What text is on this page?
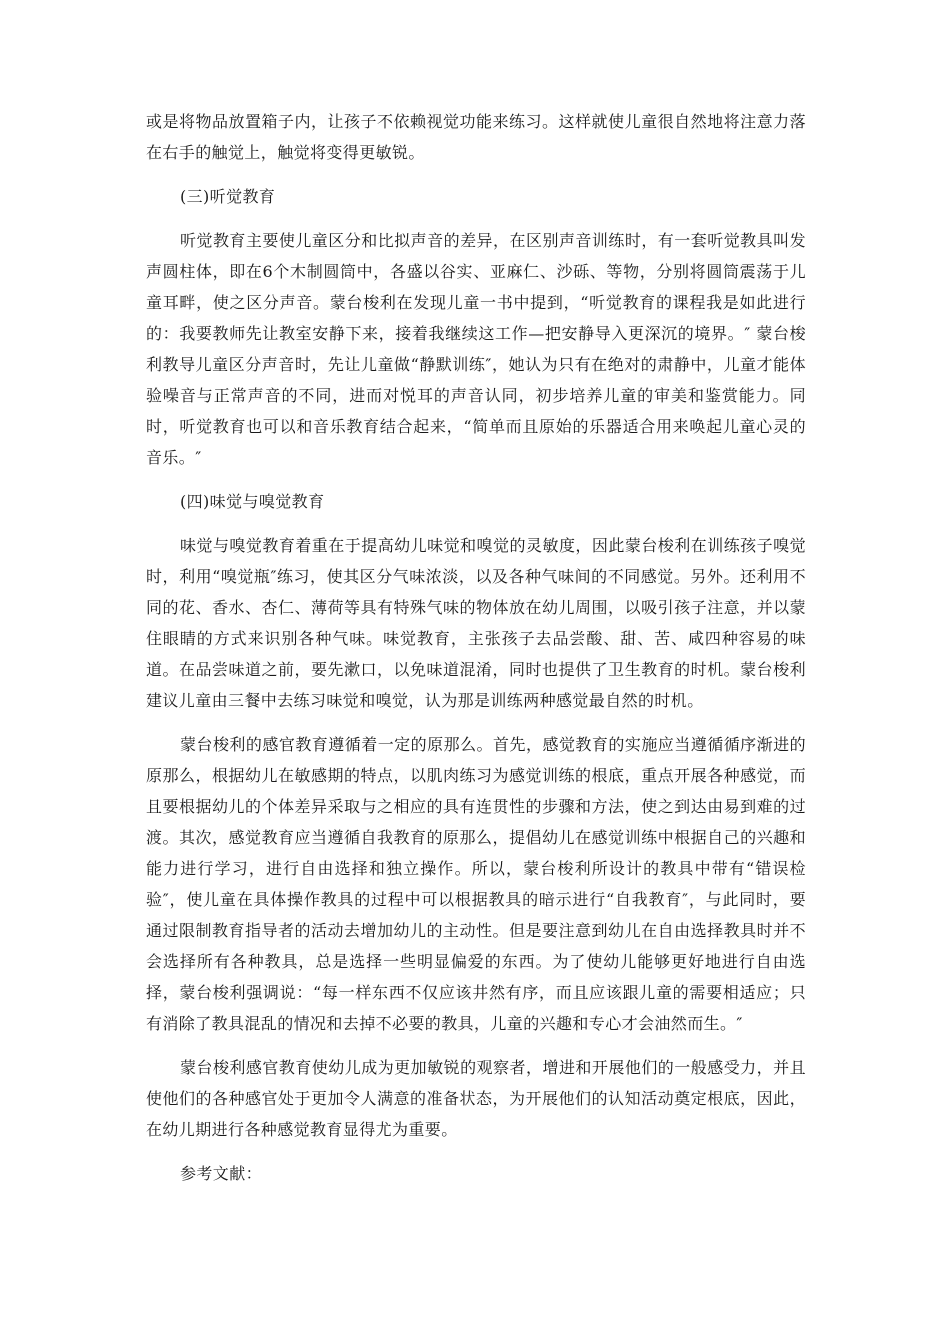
或是将物品放置箱子内，让孩子不依赖视觉功能来练习。这样就使儿童很自然地将注意力落在右手的触觉上，触觉将变得更敏锐。

(三)听觉教育

听觉教育主要使儿童区分和比拟声音的差异，在区别声音训练时，有一套听觉教具叫发声圆柱体，即在6个木制圆筒中，各盛以谷实、亚麻仁、沙砾、等物，分别将圆筒震荡于儿童耳畔，使之区分声音。蒙台梭利在发现儿童一书中提到，“听觉教育的课程我是如此进行的：我要教师先让教室安静下来，接着我继续这工作—把安静导入更深沉的境界。″ 蒙台梭利教导儿童区分声音时，先让儿童做“静默训练″，她认为只有在绝对的肃静中，儿童才能体验噪音与正常声音的不同，进而对悦耳的声音认同，初步培养儿童的审美和鉴赏能力。同时，听觉教育也可以和音乐教育结合起来，“简单而且原始的乐器适合用来唤起儿童心灵的音乐。″

(四)味觉与嗅觉教育

味觉与嗅觉教育着重在于提高幼儿味觉和嗅觉的灵敏度，因此蒙台梭利在训练孩子嗅觉时，利用“嗅觉瓶″练习，使其区分气味浓淡，以及各种气味间的不同感觉。另外。还利用不同的花、香水、杏仁、薄荷等具有特殊气味的物体放在幼儿周围，以吸引孩子注意，并以蒙住眼睛的方式来识别各种气味。味觉教育，主张孩子去品尝酸、甜、苦、咸四种容易的味道。在品尝味道之前，要先漱口，以免味道混淆，同时也提供了卫生教育的时机。蒙台梭利建议儿童由三餐中去练习味觉和嗅觉，认为那是训练两种感觉最自然的时机。

蒙台梭利的感官教育遵循着一定的原那么。首先，感觉教育的实施应当遵循循序渐进的原那么，根据幼儿在敏感期的特点，以肌肉练习为感觉训练的根底，重点开展各种感觉，而且要根据幼儿的个体差异采取与之相应的具有连贯性的步骤和方法，使之到达由易到难的过渡。其次，感觉教育应当遵循自我教育的原那么，提倡幼儿在感觉训练中根据自己的兴趣和能力进行学习，进行自由选择和独立操作。所以，蒙台梭利所设计的教具中带有“错误检验″，使儿童在具体操作教具的过程中可以根据教具的暗示进行“自我教育″，与此同时，要通过限制教育指导者的活动去增加幼儿的主动性。但是要注意到幼儿在自由选择教具时并不会选择所有各种教具，总是选择一些明显偏爱的东西。为了使幼儿能够更好地进行自由选择，蒙台梭利强调说：“每一样东西不仅应该井然有序，而且应该跟儿童的需要相适应；只有消除了教具混乱的情况和去掉不必要的教具，儿童的兴趣和专心才会油然而生。″

蒙台梭利感官教育使幼儿成为更加敏锐的观察者，增进和开展他们的一般感受力，并且使他们的各种感官处于更加令人满意的准备状态，为开展他们的认知活动奠定根底，因此，在幼儿期进行各种感觉教育显得尤为重要。

参考文献：
